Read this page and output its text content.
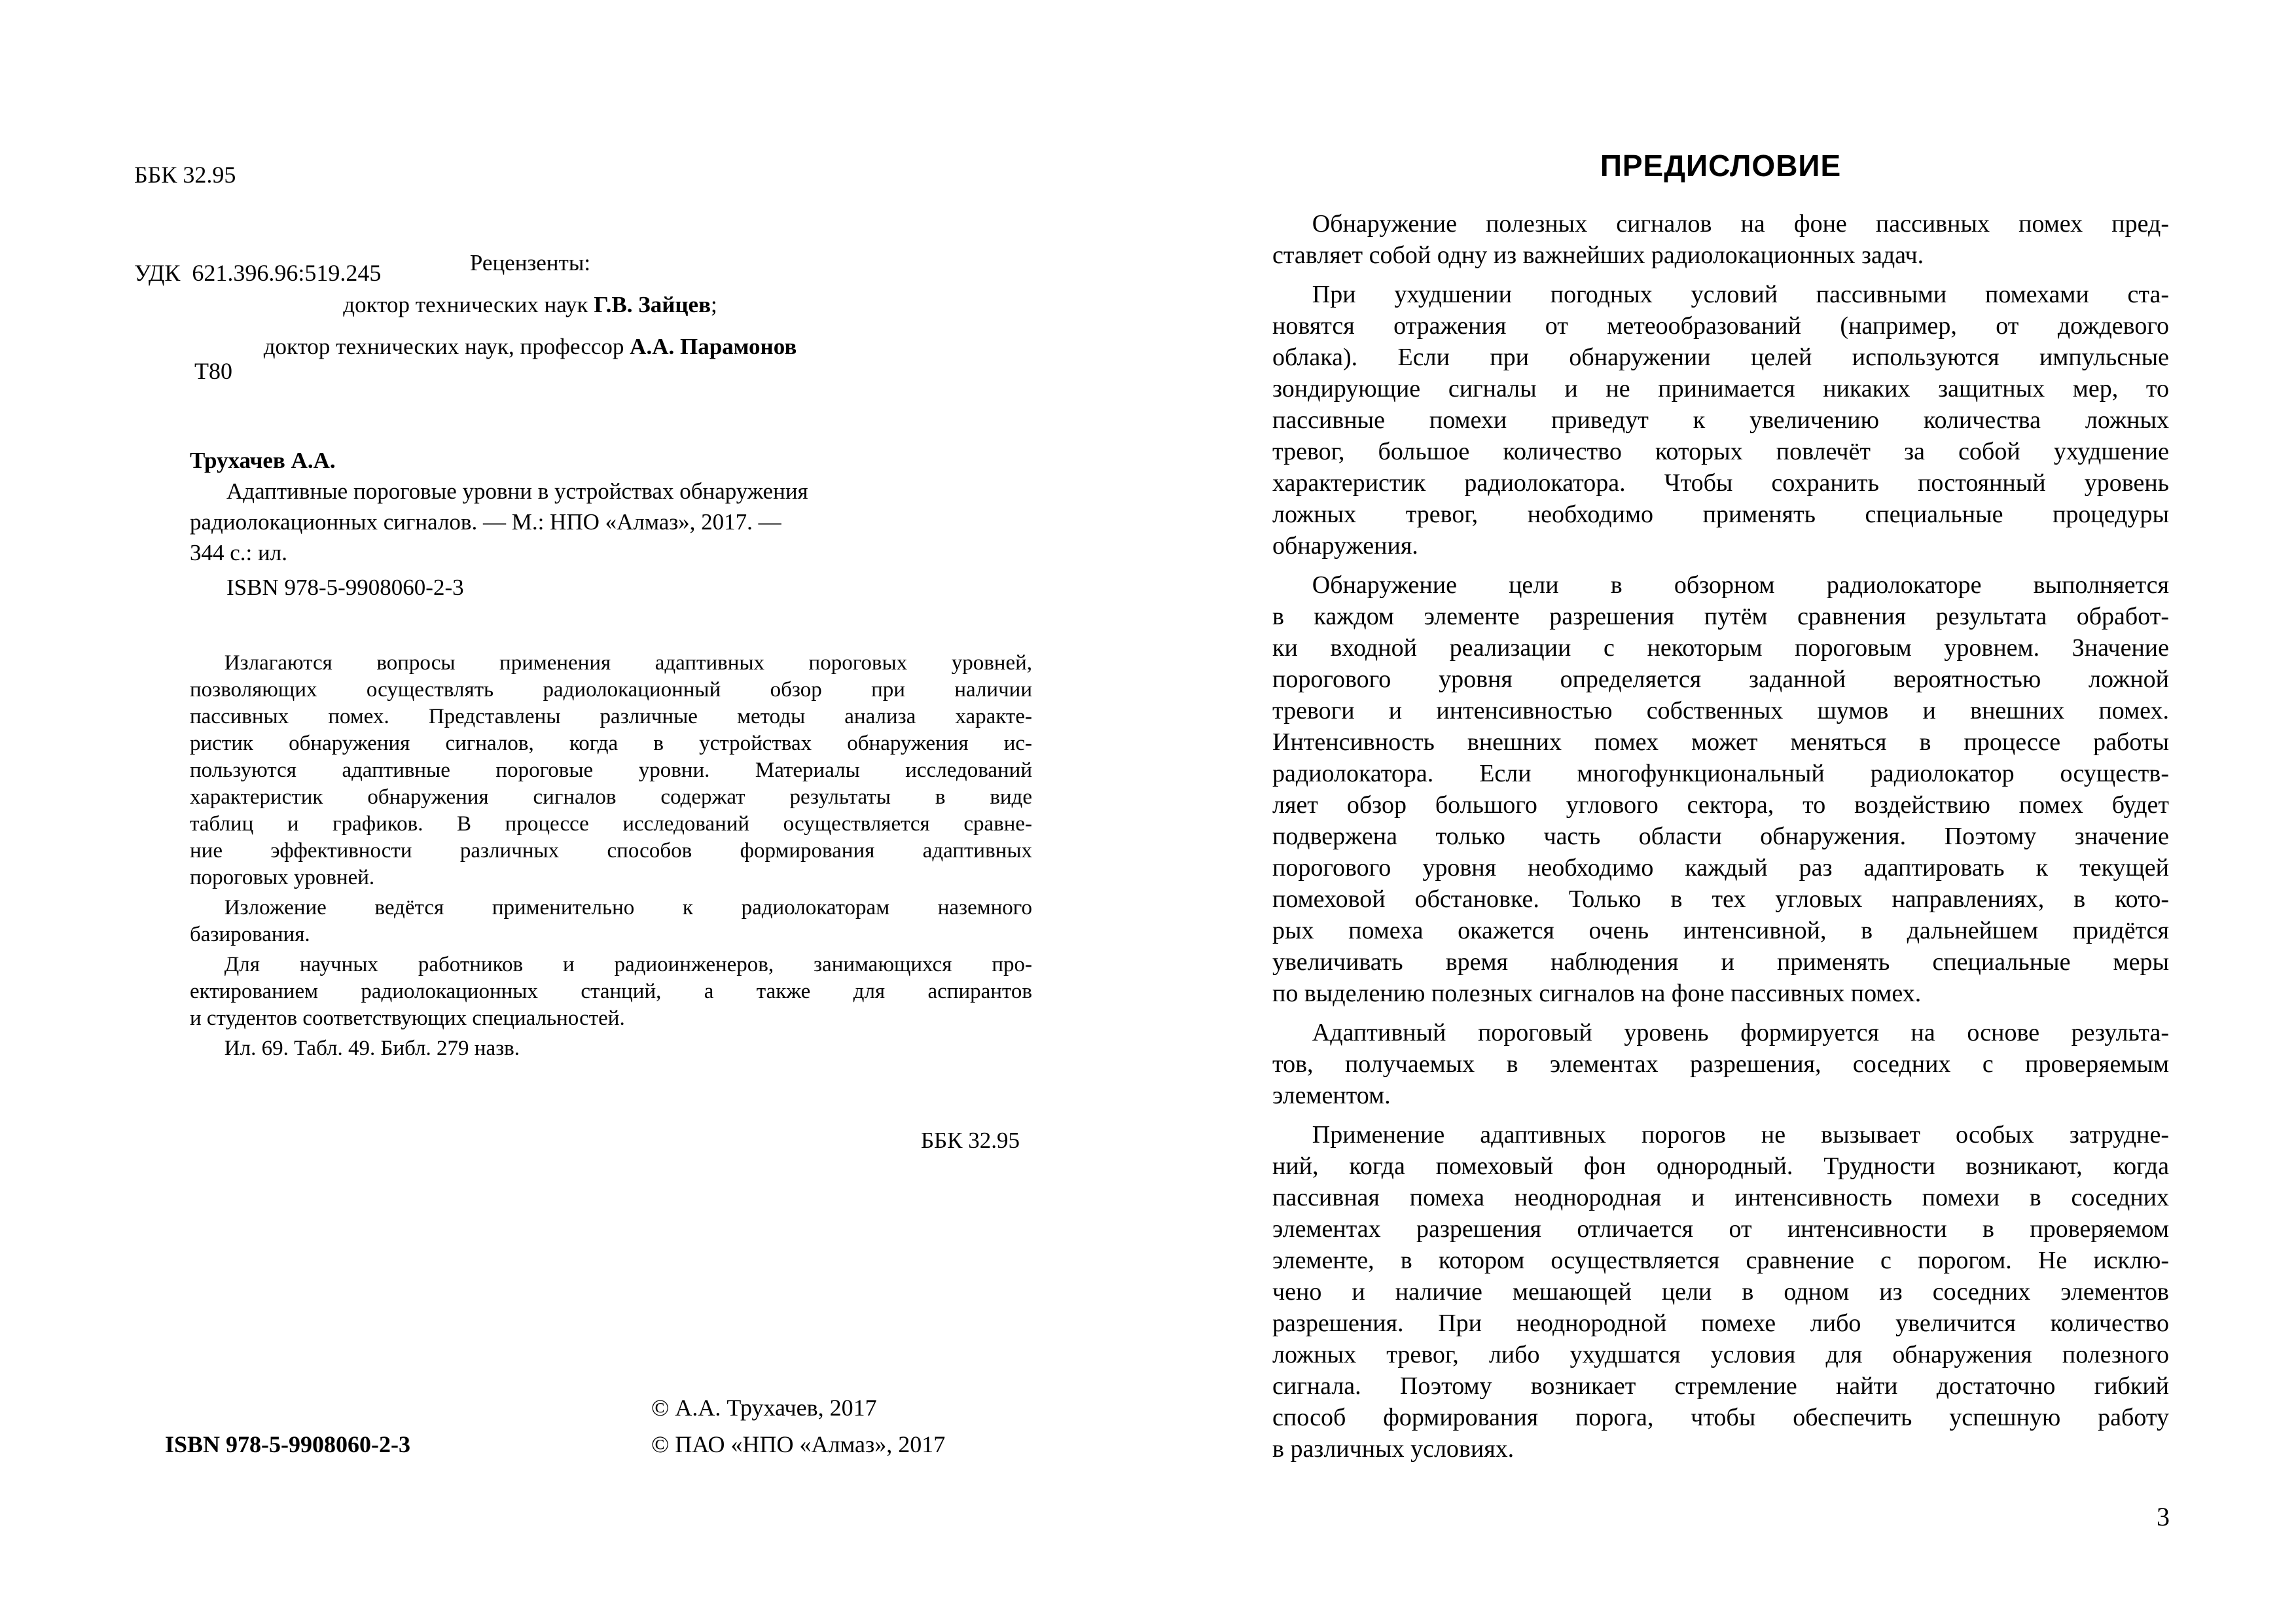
ББК 32.95

УДК  621.396.96:519.245

Т80

Рецензенты:
доктор технических наук Г.В. Зайцев;
доктор технических наук, профессор А.А. Парамонов
Трухачев А.А.
Адаптивные пороговые уровни в устройствах обнаружения
радиолокационных сигналов. — М.: НПО «Алмаз», 2017. —
344 с.: ил.
ISBN 978-5-9908060-2-3
Излагаются вопросы применения адаптивных пороговых уровней,
позволяющих осуществлять радиолокационный обзор при наличии
пассивных помех. Представлены различные методы анализа характе-
ристик обнаружения сигналов, когда в устройствах обнаружения ис-
пользуются адаптивные пороговые уровни. Материалы исследований
характеристик обнаружения сигналов содержат результаты в виде
таблиц и графиков. В процессе исследований осуществляется сравне-
ние эффективности различных способов формирования адаптивных
пороговых уровней.
Изложение ведётся применительно к радиолокаторам наземного
базирования.
Для научных работников и радиоинженеров, занимающихся про-
ектированием радиолокационных станций, а также для аспирантов
и студентов соответствующих специальностей.
Ил. 69. Табл. 49. Библ. 279 назв.
ББК 32.95
ISBN 978-5-9908060-2-3
© А.А. Трухачев, 2017
© ПАО «НПО «Алмаз», 2017
ПРЕДИСЛОВИЕ
Обнаружение полезных сигналов на фоне пассивных помех пред-
ставляет собой одну из важнейших радиолокационных задач.
При ухудшении погодных условий пассивными помехами ста-
новятся отражения от метеообразований (например, от дождевого
облака). Если при обнаружении целей используются импульсные
зондирующие сигналы и не принимается никаких защитных мер, то
пассивные помехи приведут к увеличению количества ложных
тревог, большое количество которых повлечёт за собой ухудшение
характеристик радиолокатора. Чтобы сохранить постоянный уровень
ложных тревог, необходимо применять специальные процедуры
обнаружения.
Обнаружение цели в обзорном радиолокаторе выполняется
в каждом элементе разрешения путём сравнения результата обработ-
ки входной реализации с некоторым пороговым уровнем. Значение
порогового уровня определяется заданной вероятностью ложной
тревоги и интенсивностью собственных шумов и внешних помех.
Интенсивность внешних помех может меняться в процессе работы
радиолокатора. Если многофункциональный радиолокатор осуществ-
ляет обзор большого углового сектора, то воздействию помех будет
подвержена только часть области обнаружения. Поэтому значение
порогового уровня необходимо каждый раз адаптировать к текущей
помеховой обстановке. Только в тех угловых направлениях, в кото-
рых помеха окажется очень интенсивной, в дальнейшем придётся
увеличивать время наблюдения и применять специальные меры
по выделению полезных сигналов на фоне пассивных помех.
Адаптивный пороговый уровень формируется на основе результа-
тов, получаемых в элементах разрешения, соседних с проверяемым
элементом.
Применение адаптивных порогов не вызывает особых затрудне-
ний, когда помеховый фон однородный. Трудности возникают, когда
пассивная помеха неоднородная и интенсивность помехи в соседних
элементах разрешения отличается от интенсивности в проверяемом
элементе, в котором осуществляется сравнение с порогом. Не исклю-
чено и наличие мешающей цели в одном из соседних элементов
разрешения. При неоднородной помехе либо увеличится количество
ложных тревог, либо ухудшатся условия для обнаружения полезного
сигнала. Поэтому возникает стремление найти достаточно гибкий
способ формирования порога, чтобы обеспечить успешную работу
в различных условиях.
3
